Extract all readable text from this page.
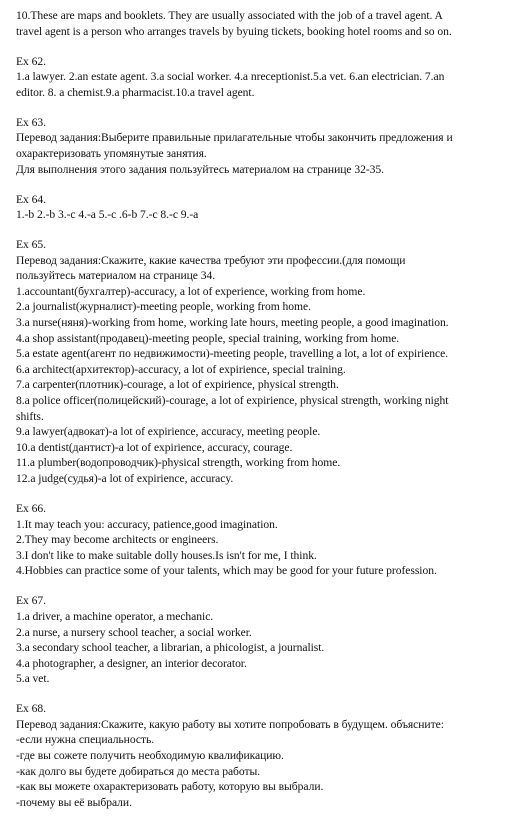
10.These are maps and booklets. They are usually associated with the job of a travel agent. A
travel agent is a person who arranges travels by byuing tickets, booking hotel rooms and so on.
Ex 62.
1.a lawyer. 2.an estate agent. 3.a social worker. 4.a nreceptionist.5.a vet. 6.an electrician. 7.an
editor. 8. a chemist.9.a pharmacist.10.a travel agent.
Ex 63.
Перевод задания:Выберите правильные прилагательные чтобы закончить предложения и
охарактеризовать упомянутые занятия.
Для выполнения этого задания пользуйтесь материалом на странице 32-35.
Ex 64.
1.-b 2.-b 3.-c 4.-a 5.-c .6-b 7.-c 8.-c 9.-a
Ex 65.
Перевод задания:Скажите, какие качества требуют эти профессии.(для помощи
пользуйтесь материалом на странице 34.
1.accountant(бухгалтер)-accuracy, a lot of experience, working from home.
2.a journalist(журналист)-meeting people, working from home.
3.a nurse(няня)-working from home, working late hours, meeting people, a good imagination.
4.a shop assistant(продавец)-meeting people, special training, working from home.
5.a estate agent(агент по недвижимости)-meeting people, travelling a lot, a lot of expirience.
6.a architect(архитектор)-accuracy, a lot of expirience, special training.
7.a carpenter(плотник)-courage, a lot of expirience, physical strength.
8.a police officer(полицейский)-courage, a lot of expirience, physical strength, working night
shifts.
9.a lawyer(адвокат)-a lot of expirience, accuracy, meeting people.
10.a dentist(дантист)-a lot of expirience, accuracy, courage.
11.a plumber(водопроводчик)-physical strength, working from home.
12.a judge(судья)-a lot of expirience, accuracy.
Ex 66.
1.It may teach you: accuracy, patience,good imagination.
2.They may become architects or engineers.
3.I don't like to make suitable dolly houses.Is isn't for me, I think.
4.Hobbies can practice some of your talents, which may be good for your future profession.
Ex 67.
1.a driver, a machine operator, a mechanic.
2.a nurse, a nursery school teacher, a social worker.
3.a secondary school teacher, a librarian, a phicologist, a journalist.
4.a photographer, a designer, an interior decorator.
5.a vet.
Ex 68.
Перевод задания:Скажите, какую работу вы хотите попробовать в будущем. объясните:
-если нужна специальность.
-где вы сожете получить необходимую квалификацию.
-как долго вы будете добираться до места работы.
-как вы можете охарактеризовать работу, которую вы выбрали.
-почему вы её выбрали.
